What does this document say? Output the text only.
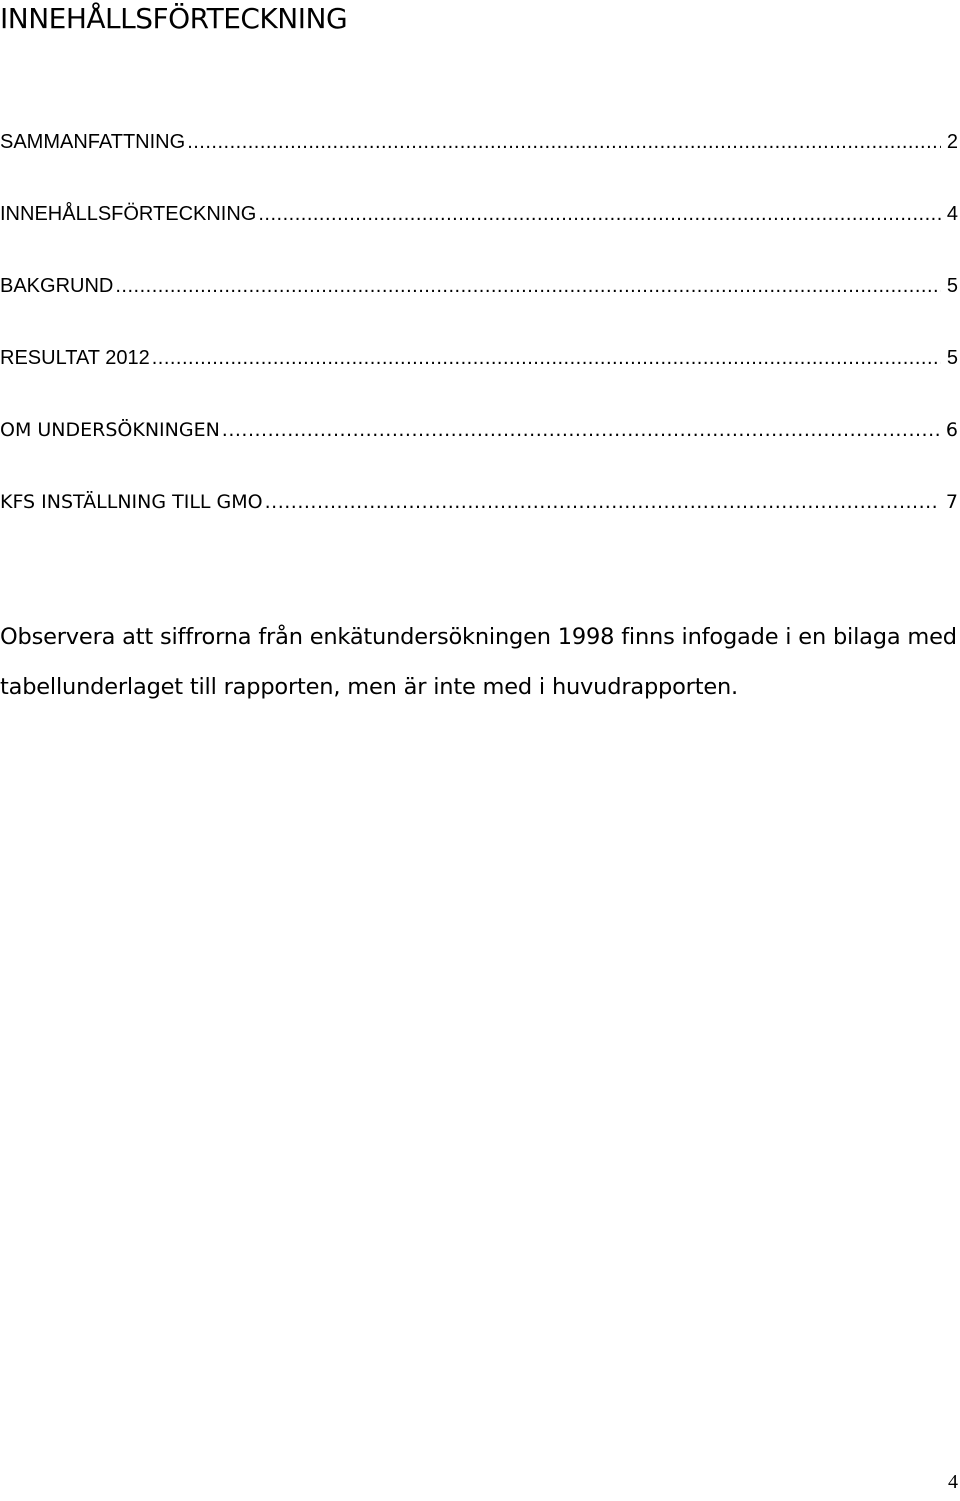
INNEHÅLLSFÖRTECKNING
SAMMANFATTNING .....	2
INNEHÅLLSFÖRTECKNING .....	4
BAKGRUND .....	5
RESULTAT 2012 .....	5
OM UNDERSÖKNINGEN .....	6
KFS INSTÄLLNING TILL GMO .....	7

Observera att siffrorna från enkätundersökningen 1998 finns infogade i en bilaga med tabellunderlaget till rapporten, men är inte med i huvudrapporten.

4
